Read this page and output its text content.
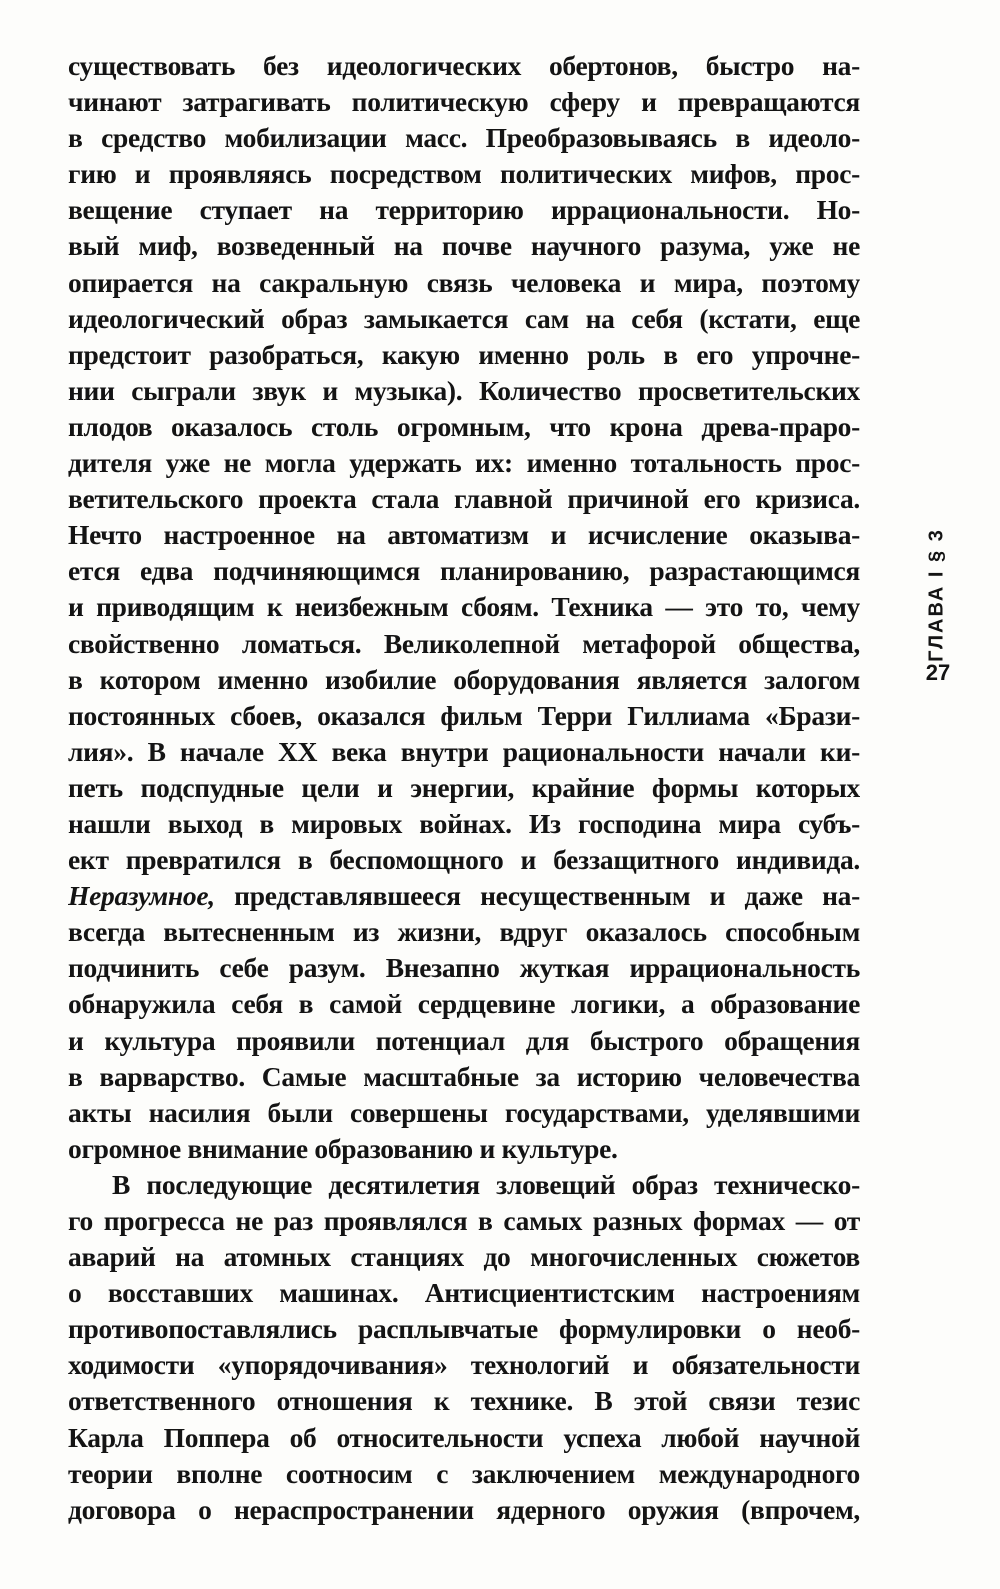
существовать без идеологических обертонов, быстро на-
чинают затрагивать политическую сферу и превращаются
в средство мобилизации масс. Преобразовываясь в идеоло-
гию и проявляясь посредством политических мифов, прос-
вещение ступает на территорию иррациональности. Но-
вый миф, возведенный на почве научного разума, уже не
опирается на сакральную связь человека и мира, поэтому
идеологический образ замыкается сам на себя (кстати, еще
предстоит разобраться, какую именно роль в его упрочне-
нии сыграли звук и музыка). Количество просветительских
плодов оказалось столь огромным, что крона древа-праро-
дителя уже не могла удержать их: именно тотальность прос-
ветительского проекта стала главной причиной его кризиса.
Нечто настроенное на автоматизм и исчисление оказыва-
ется едва подчиняющимся планированию, разрастающимся
и приводящим к неизбежным сбоям. Техника — это то, чему
свойственно ломаться. Великолепной метафорой общества,
в котором именно изобилие оборудования является залогом
постоянных сбоев, оказался фильм Терри Гиллиама «Брази-
лия». В начале XX века внутри рациональности начали ки-
петь подспудные цели и энергии, крайние формы которых
нашли выход в мировых войнах. Из господина мира субъ-
ект превратился в беспомощного и беззащитного индивида.
Неразумное, представлявшееся несущественным и даже на-
всегда вытесненным из жизни, вдруг оказалось способным
подчинить себе разум. Внезапно жуткая иррациональность
обнаружила себя в самой сердцевине логики, а образование
и культура проявили потенциал для быстрого обращения
в варварство. Самые масштабные за историю человечества
акты насилия были совершены государствами, уделявшими
огромное внимание образованию и культуре.

В последующие десятилетия зловещий образ техническо-
го прогресса не раз проявлялся в самых разных формах — от
аварий на атомных станциях до многочисленных сюжетов
о восставших машинах. Антисциентистским настроениям
противопоставлялись расплывчатые формулировки о необ-
ходимости «упорядочивания» технологий и обязательности
ответственного отношения к технике. В этой связи тезис
Карла Поппера об относительности успеха любой научной
теории вполне соотносим с заключением международного
договора о нераспространении ядерного оружия (впрочем,

ГЛАВА I § 3
27
